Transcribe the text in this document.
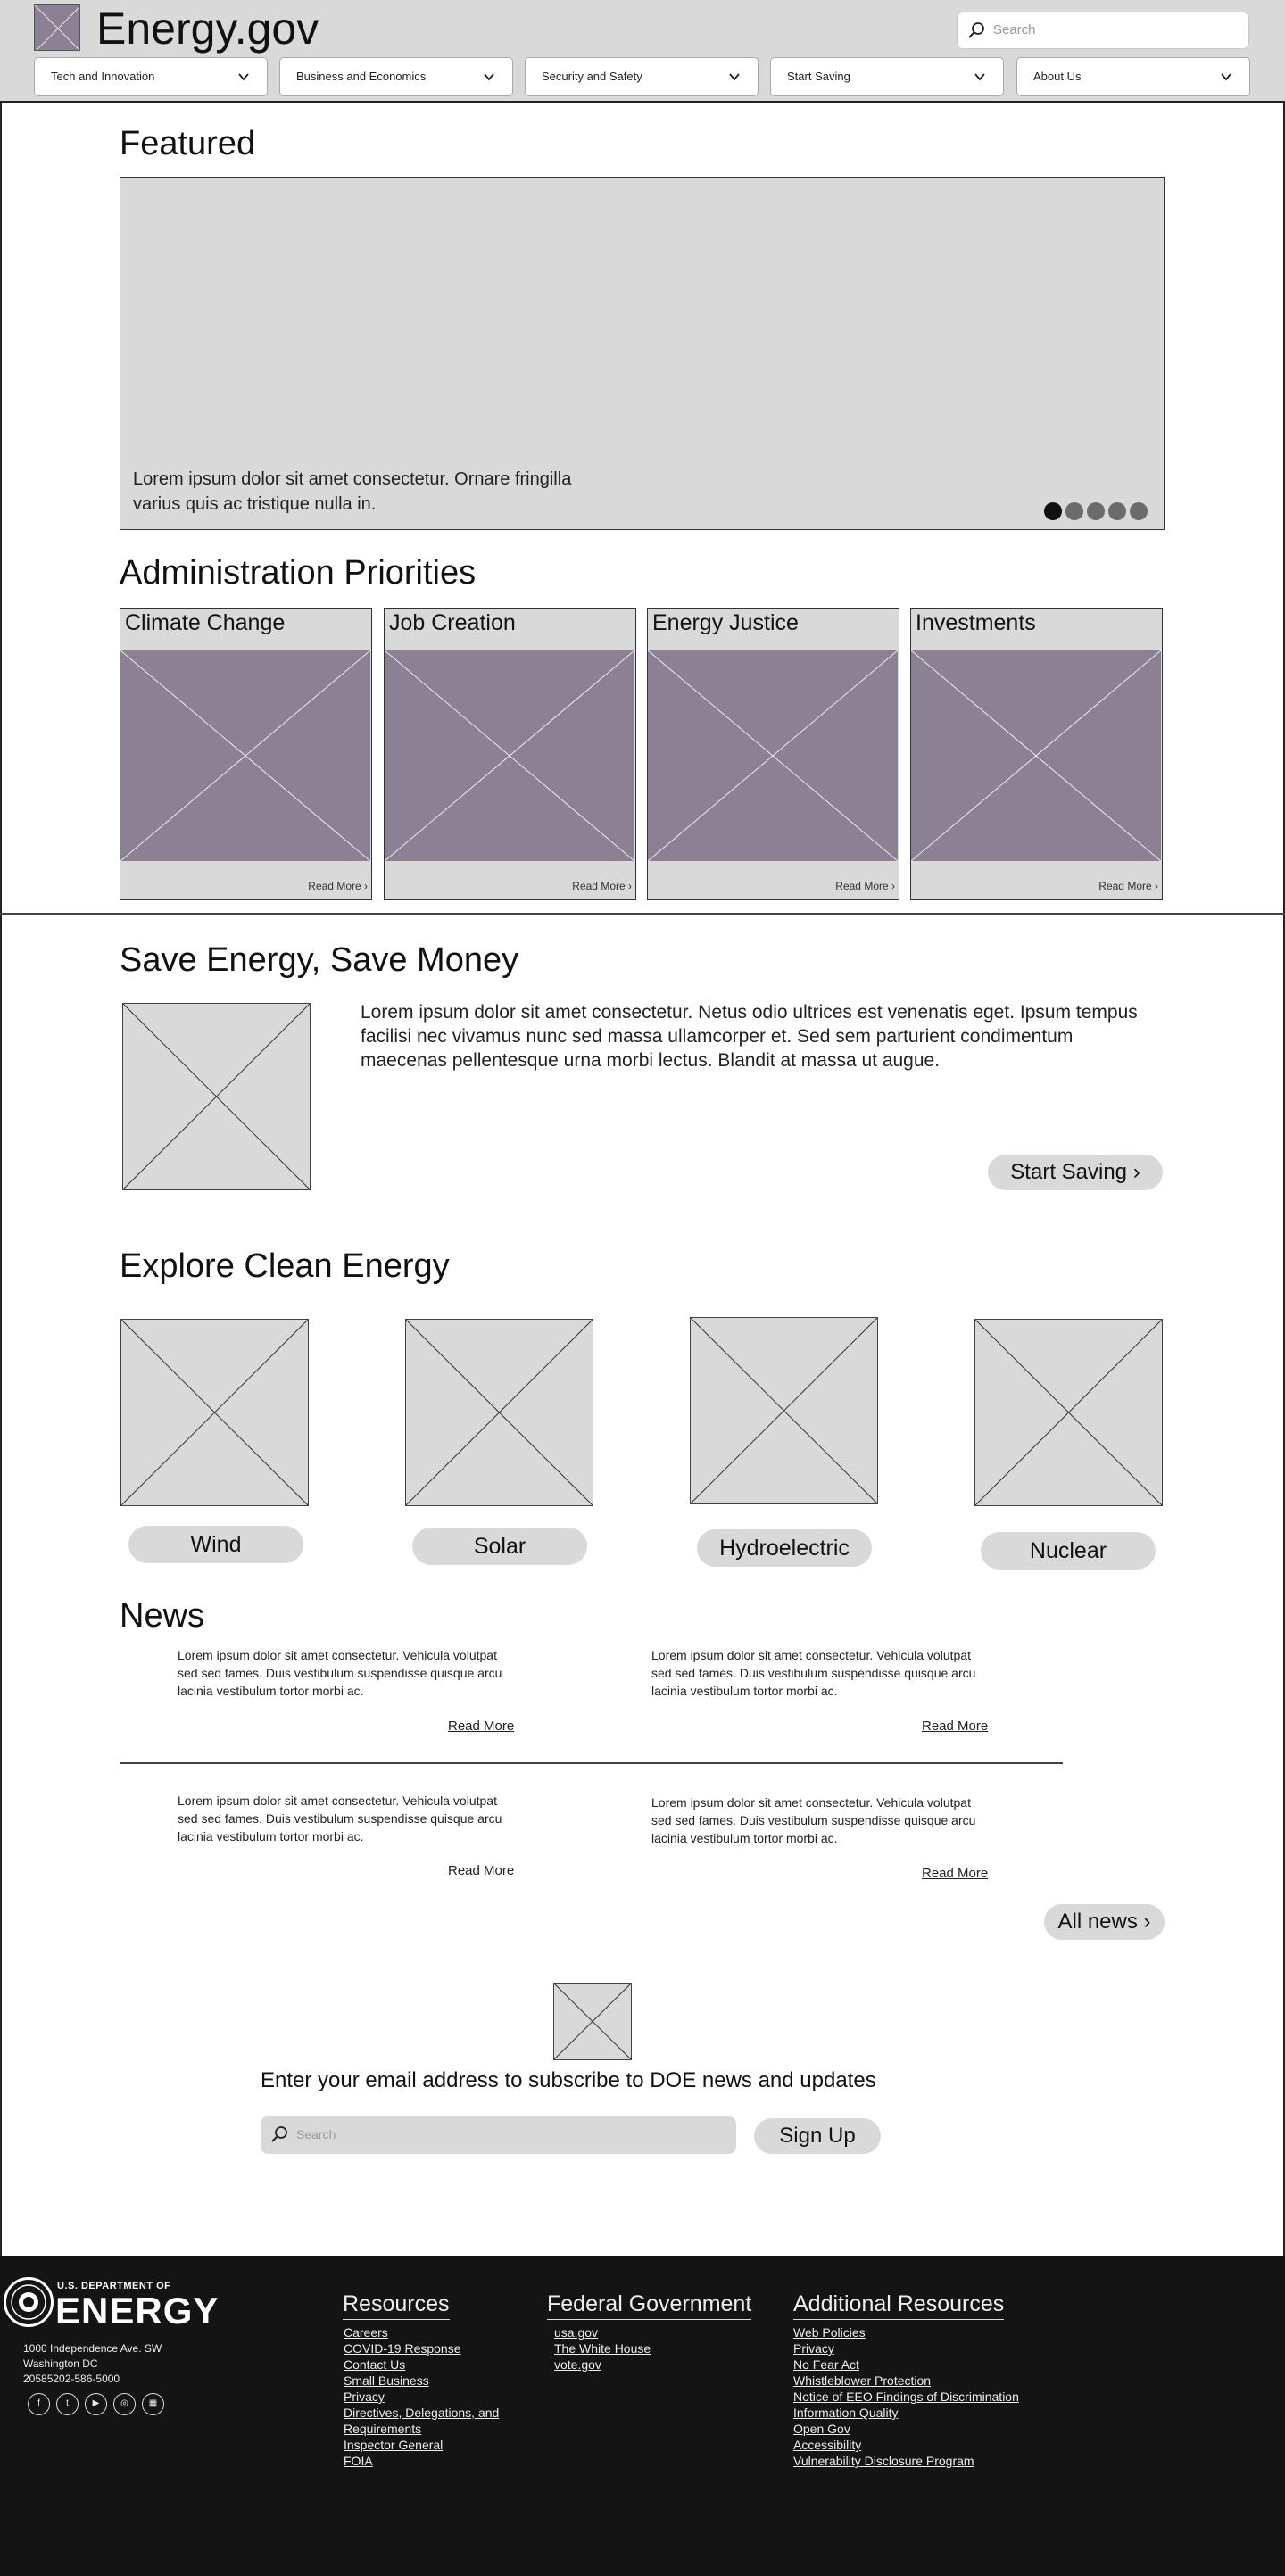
Energy.gov	Search
Tech and Innovation	Business and Economics	Security and Safety	Start Saving	About Us
Featured
Lorem ipsum dolor sit amet consectetur. Ornare fringilla varius quis ac tristique nulla in.
Administration Priorities
Climate Change
Read More ›
Job Creation
Read More ›
Energy Justice
Read More ›
Investments
Read More ›
Save Energy, Save Money
Lorem ipsum dolor sit amet consectetur. Netus odio ultrices est venenatis eget. Ipsum tempus facilisi nec vivamus nunc sed massa ullamcorper et. Sed sem parturient condimentum maecenas pellentesque urna morbi lectus. Blandit at massa ut augue.
Start Saving ›
Explore Clean Energy
Wind	Solar	Hydroelectric	Nuclear
News
Lorem ipsum dolor sit amet consectetur. Vehicula volutpat sed sed fames. Duis vestibulum suspendisse quisque arcu lacinia vestibulum tortor morbi ac.
Read More
Lorem ipsum dolor sit amet consectetur. Vehicula volutpat sed sed fames. Duis vestibulum suspendisse quisque arcu lacinia vestibulum tortor morbi ac.
Read More
Lorem ipsum dolor sit amet consectetur. Vehicula volutpat sed sed fames. Duis vestibulum suspendisse quisque arcu lacinia vestibulum tortor morbi ac.
Read More
Lorem ipsum dolor sit amet consectetur. Vehicula volutpat sed sed fames. Duis vestibulum suspendisse quisque arcu lacinia vestibulum tortor morbi ac.
Read More
All news ›
Enter your email address to subscribe to DOE news and updates
Search	Sign Up
U.S. DEPARTMENT OF
ENERGY
1000 Independence Ave. SW
Washington DC
20585202-586-5000
f	t	▶	◎	▦
Resources
Careers
COVID-19 Response
Contact Us
Small Business
Privacy
Directives, Delegations, and Requirements
Inspector General
FOIA
Federal Government
usa.gov
The White House
vote.gov
Additional Resources
Web Policies
Privacy
No Fear Act
Whistleblower Protection
Notice of EEO Findings of Discrimination
Information Quality
Open Gov
Accessibility
Vulnerability Disclosure Program
